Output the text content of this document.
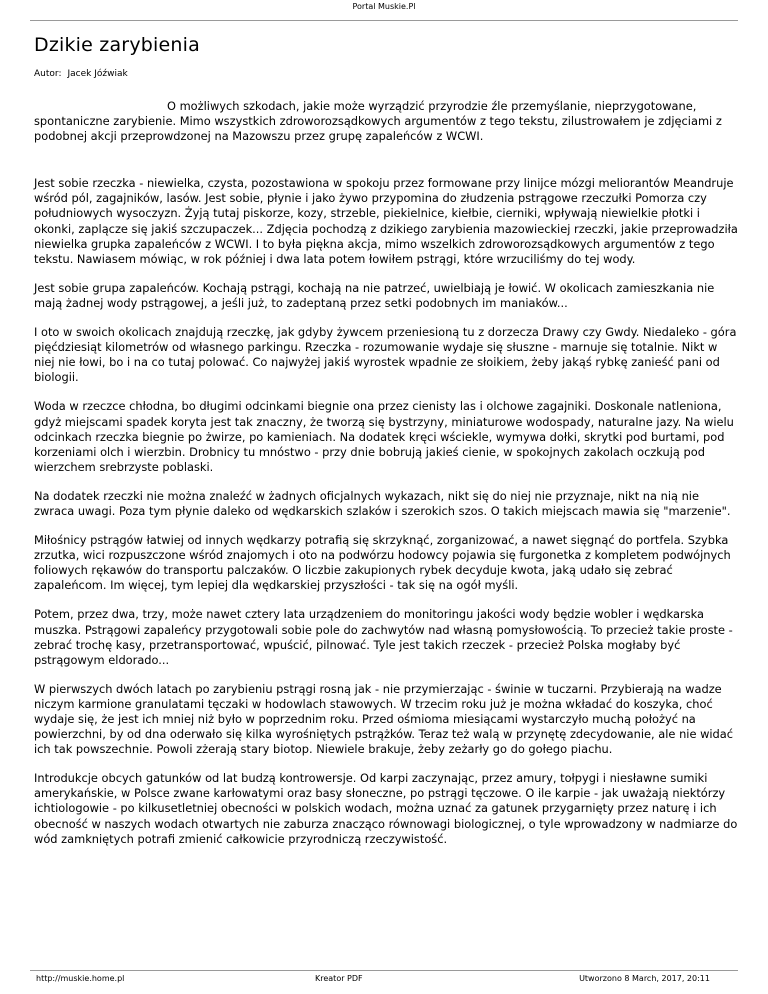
Portal Muskie.Pl
Dzikie zarybienia
Autor: Jacek Jóźwiak

O możliwych szkodach, jakie może wyrządzić przyrodzie źle przemyślanie, nieprzygotowane, spontaniczne zarybienie. Mimo wszystkich zdroworozsądkowych argumentów z tego tekstu, zilustrowałem je zdjęciami z podobnej akcji przeprowdzonej na Mazowszu przez grupę zapaleńców z WCWI.

Jest sobie rzeczka - niewielka, czysta, pozostawiona w spokoju przez formowane przy linijce mózgi meliorantów Meandruje wśród pól, zagajników, lasów. Jest sobie, płynie i jako żywo przypomina do złudzenia pstrągowe rzeczułki Pomorza czy południowych wysoczyzn. Żyją tutaj piskorze, kozy, strzeble, piekielnice, kiełbie, cierniki, wpływają niewielkie płotki i okonki, zaplącze się jakiś szczupaczek... Zdjęcia pochodzą z dzikiego zarybienia mazowieckiej rzeczki, jakie przeprowadziła niewielka grupka zapaleńców z WCWI. I to była piękna akcja, mimo wszelkich zdroworozsądkowych argumentów z tego tekstu. Nawiasem mówiąc, w rok później i dwa lata potem łowiłem pstrągi, które wrzuciliśmy do tej wody.

Jest sobie grupa zapaleńców. Kochają pstrągi, kochają na nie patrzeć, uwielbiają je łowić. W okolicach zamieszkania nie mają żadnej wody pstrągowej, a jeśli już, to zadeptaną przez setki podobnych im maniaków...

I oto w swoich okolicach znajdują rzeczkę, jak gdyby żywcem przeniesioną tu z dorzecza Drawy czy Gwdy. Niedaleko - góra pięćdziesiąt kilometrów od własnego parkingu. Rzeczka - rozumowanie wydaje się słuszne - marnuje się totalnie. Nikt w niej nie łowi, bo i na co tutaj polować. Co najwyżej jakiś wyrostek wpadnie ze słoikiem, żeby jakąś rybkę zanieść pani od biologii.

Woda w rzeczce chłodna, bo długimi odcinkami biegnie ona przez cienisty las i olchowe zagajniki. Doskonale natleniona, gdyż miejscami spadek koryta jest tak znaczny, że tworzą się bystrzyny, miniaturowe wodospady, naturalne jazy. Na wielu odcinkach rzeczka biegnie po żwirze, po kamieniach. Na dodatek kręci wściekle, wymywa dołki, skrytki pod burtami, pod korzeniami olch i wierzbin. Drobnicy tu mnóstwo - przy dnie bobrują jakieś cienie, w spokojnych zakolach oczkują pod wierzchem srebrzyste poblaski.

Na dodatek rzeczki nie można znaleźć w żadnych oficjalnych wykazach, nikt się do niej nie przyznaje, nikt na nią nie zwraca uwagi. Poza tym płynie daleko od wędkarskich szlaków i szerokich szos. O takich miejscach mawia się "marzenie".

Miłośnicy pstrągów łatwiej od innych wędkarzy potrafią się skrzyknąć, zorganizować, a nawet sięgnąć do portfela. Szybka zrzutka, wici rozpuszczone wśród znajomych i oto na podwórzu hodowcy pojawia się furgonetka z kompletem podwójnych foliowych rękawów do transportu palczaków. O liczbie zakupionych rybek decyduje kwota, jaką udało się zebrać zapaleńcom. Im więcej, tym lepiej dla wędkarskiej przyszłości - tak się na ogół myśli.

Potem, przez dwa, trzy, może nawet cztery lata urządzeniem do monitoringu jakości wody będzie wobler i wędkarska muszka. Pstrągowi zapaleńcy przygotowali sobie pole do zachwytów nad własną pomysłowością. To przecież takie proste - zebrać trochę kasy, przetransportować, wpuścić, pilnować. Tyle jest takich rzeczek - przecież Polska mogłaby być pstrągowym eldorado...

W pierwszych dwóch latach po zarybieniu pstrągi rosną jak - nie przymierzając - świnie w tuczarni. Przybierają na wadze niczym karmione granulatami tęczaki w hodowlach stawowych. W trzecim roku już je można wkładać do koszyka, choć wydaje się, że jest ich mniej niż było w poprzednim roku. Przed ośmioma miesiącami wystarczyło muchą położyć na powierzchni, by od dna oderwało się kilka wyrośniętych pstrążków. Teraz też walą w przynętę zdecydowanie, ale nie widać ich tak powszechnie. Powoli zżerają stary biotop. Niewiele brakuje, żeby zeżarły go do gołego piachu.

Introdukcje obcych gatunków od lat budzą kontrowersje. Od karpi zaczynając, przez amury, tołpygi i niesławne sumiki amerykańskie, w Polsce zwane karłowatymi oraz basy słoneczne, po pstrągi tęczowe. O ile karpie - jak uważają niektórzy ichtiologowie - po kilkusetletniej obecności w polskich wodach, można uznać za gatunek przygarnięty przez naturę i ich obecność w naszych wodach otwartych nie zaburza znacząco równowagi biologicznej, o tyle wprowadzony w nadmiarze do wód zamkniętych potrafi zmienić całkowicie przyrodniczą rzeczywistość.

http://muskie.home.pl	Kreator PDF	Utworzono 8 March, 2017, 20:11
